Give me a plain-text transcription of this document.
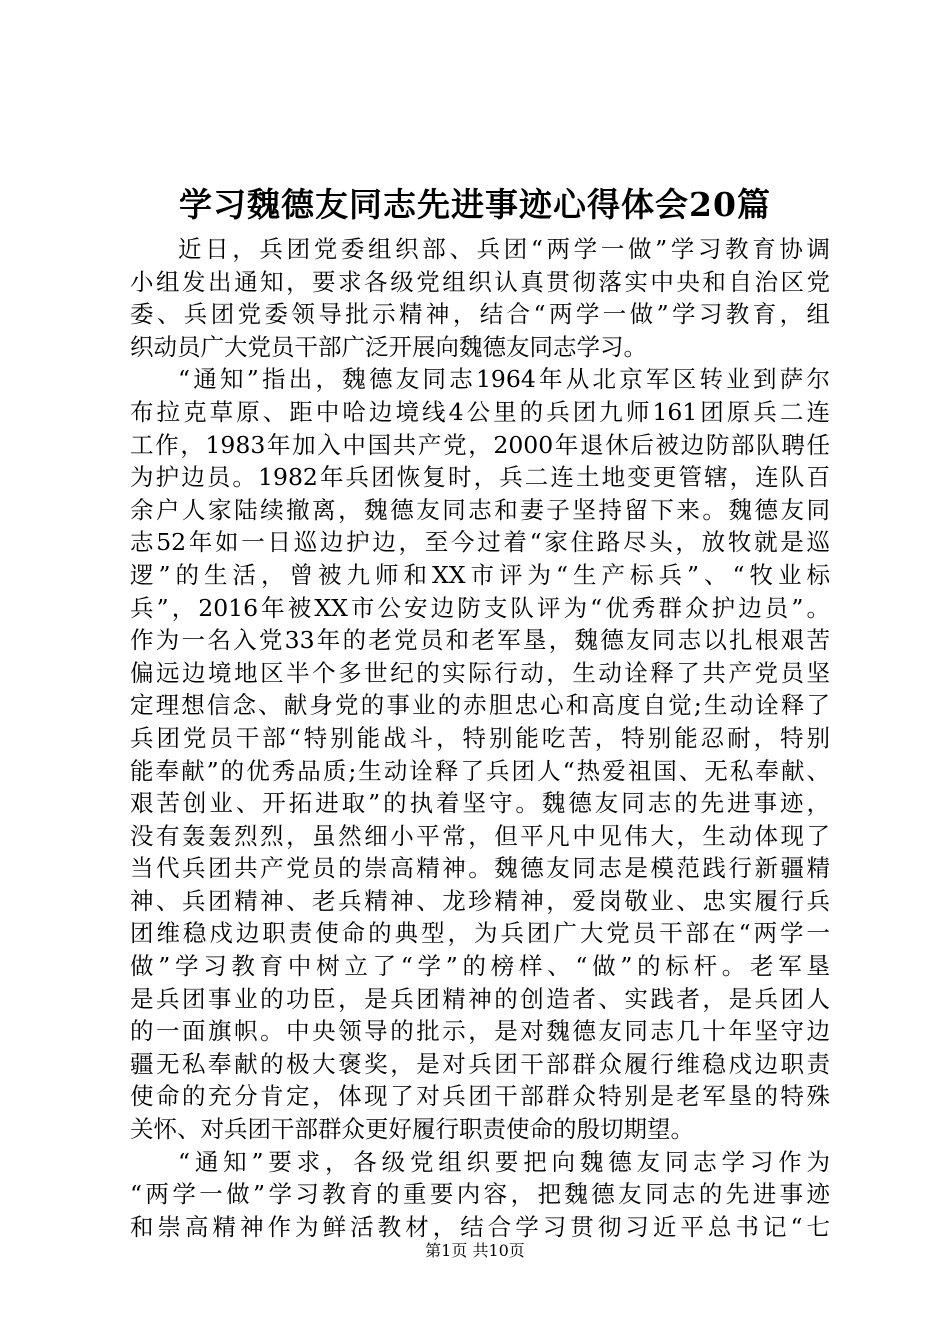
学习魏德友同志先进事迹心得体会20篇
近日，兵团党委组织部、兵团“两学一做”学习教育协调
小组发出通知，要求各级党组织认真贯彻落实中央和自治区党
委、兵团党委领导批示精神，结合“两学一做”学习教育，组
织动员广大党员干部广泛开展向魏德友同志学习。
“通知”指出，魏德友同志1964年从北京军区转业到萨尔
布拉克草原、距中哈边境线4公里的兵团九师161团原兵二连
工作，1983年加入中国共产党，2000年退休后被边防部队聘任
为护边员。1982年兵团恢复时，兵二连土地变更管辖，连队百
余户人家陆续撤离，魏德友同志和妻子坚持留下来。魏德友同
志52年如一日巡边护边，至今过着“家住路尽头，放牧就是巡
逻”的生活，曾被九师和XX市评为“生产标兵”、“牧业标
兵”，2016年被XX市公安边防支队评为“优秀群众护边员”。
作为一名入党33年的老党员和老军垦，魏德友同志以扎根艰苦
偏远边境地区半个多世纪的实际行动，生动诠释了共产党员坚
定理想信念、献身党的事业的赤胆忠心和高度自觉;生动诠释了
兵团党员干部“特别能战斗，特别能吃苦，特别能忍耐，特别
能奉献”的优秀品质;生动诠释了兵团人“热爱祖国、无私奉献、
艰苦创业、开拓进取”的执着坚守。魏德友同志的先进事迹，
没有轰轰烈烈，虽然细小平常，但平凡中见伟大，生动体现了
当代兵团共产党员的崇高精神。魏德友同志是模范践行新疆精
神、兵团精神、老兵精神、龙珍精神，爱岗敬业、忠实履行兵
团维稳戍边职责使命的典型，为兵团广大党员干部在“两学一
做”学习教育中树立了“学”的榜样、“做”的标杆。老军垦
是兵团事业的功臣，是兵团精神的创造者、实践者，是兵团人
的一面旗帜。中央领导的批示，是对魏德友同志几十年坚守边
疆无私奉献的极大褒奖，是对兵团干部群众履行维稳戍边职责
使命的充分肯定，体现了对兵团干部群众特别是老军垦的特殊
关怀、对兵团干部群众更好履行职责使命的殷切期望。
“通知”要求，各级党组织要把向魏德友同志学习作为
“两学一做”学习教育的重要内容，把魏德友同志的先进事迹
和崇高精神作为鲜活教材，结合学习贯彻习近平总书记“七
第1页 共10页
